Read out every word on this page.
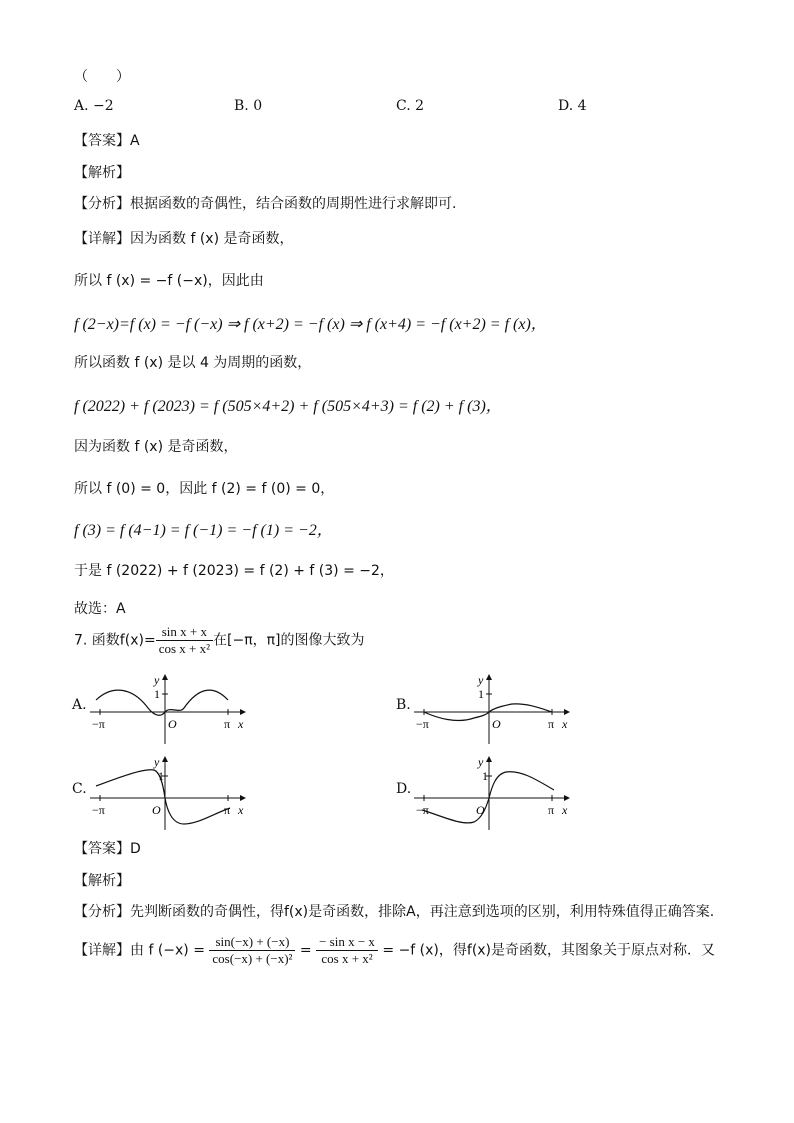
（　　）
A. −2	B. 0	C. 2	D. 4
【答案】A
【解析】
【分析】根据函数的奇偶性，结合函数的周期性进行求解即可.
【详解】因为函数 f (x) 是奇函数，
所以 f (x) = −f (−x)，因此由
f (2−x)=f (x) = −f (−x) ⇒ f (x+2) = −f (x) ⇒ f (x+4) = −f (x+2) = f (x)，
所以函数 f (x) 是以 4 为周期的函数，
f (2022) + f (2023) = f (505×4+2) + f (505×4+3) = f (2) + f (3)，
因为函数 f (x) 是奇函数，
所以 f (0) = 0，因此 f (2) = f (0) = 0，
f (3) = f (4−1) = f (−1) = −f (1) = −2，
于是 f (2022) + f (2023) = f (2) + f (3) = −2，
故选：A
7. 函数$f(x)= \frac{\text{sin x + x}}{\text{cos x + x²}}$ 在[−π，π]的图像大致为
A.	B.
C.	D.
y
1
−π	O	π x
y
1
−π	O	π x
y
1
−π	O	π x
y
1
−π	O	π x
【答案】D
【解析】
【分析】先判断函数的奇偶性，得f(x)是奇函数，排除A，再注意到选项的区别，利用特殊值得正确答案.
【详解】由 f $(-x) = \frac{\sin(-x) + (-x)}{\text{cos(−x) + (−x)²}} = \frac{\text{− sin x − x}}{\text{cos x + x²}} = -f$ (x)，得f(x)是奇函数，其图象关于原点对称．又
